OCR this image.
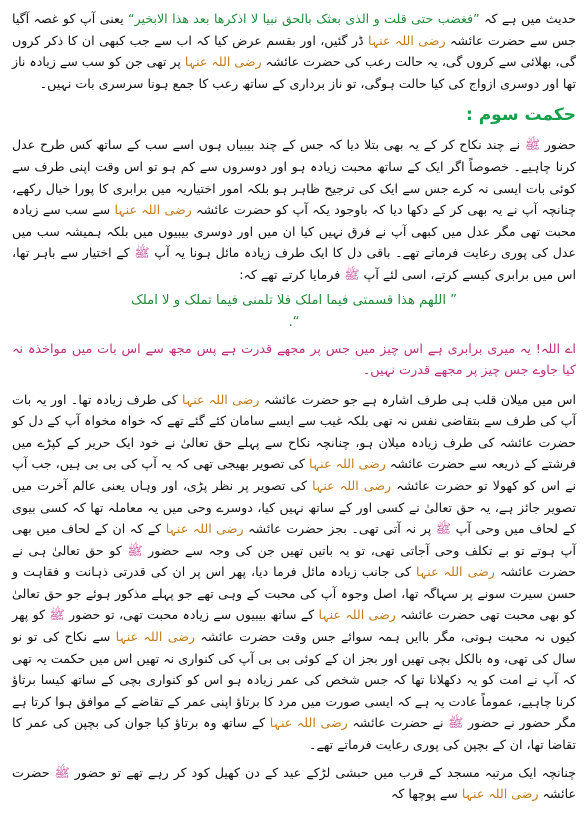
حدیث میں ہے کہ ”فغضب حتی قلت و الذی بعثک بالحق نبیا لا اذکرھا بعد ھذا الابخیر“ یعنی آپ کو غصہ آگیا جس سے حضرت عائشہ رضی اللہ عنہا ڈر گئیں، اور بقسم عرض کیا کہ اب سے جب کبھی ان کا ذکر کروں گی، بھلائی سے کروں گی، یہ حالت رعب کی حضرت عائشہ رضی اللہ عنہا پر تھی جن کو سب سے زیادہ ناز تھا اور دوسری ازواج کی کیا حالت ہوگی، تو ناز برداری کے ساتھ رعب کا جمع ہونا سرسری بات نہیں۔

حکمت سوم :

حضور ﷺ نے چند نکاح کر کے یہ بھی بتلا دیا کہ جس کے چند بیبیاں ہوں اسے سب کے ساتھ کس طرح عدل کرنا چاہیے۔ خصوصاً اگر ایک کے ساتھ محبت زیادہ ہو اور دوسروں سے کم ہو تو اس وقت اپنی طرف سے کوئی بات ایسی نہ کرے جس سے ایک کی ترجیح ظاہر ہو بلکہ امور اختیاریہ میں برابری کا پورا خیال رکھے، چنانچہ آپ نے یہ بھی کر کے دکھا دیا کہ باوجود یکہ آپ کو حضرت عائشہ رضی اللہ عنہا سے سب سے زیادہ محبت تھی مگر عدل میں کبھی آپ نے فرق نہیں کیا ان میں اور دوسری بیبیوں میں بلکہ ہمیشہ سب میں عدل کی پوری رعایت فرماتے تھے۔ باقی دل کا ایک طرف زیادہ مائل ہونا یہ آپ ﷺ کے اختیار سے باہر تھا، اس میں برابری کیسے کرتے، اسی لئے آپ ﷺ فرمایا کرتے تھے کہ:

” اللھم ھذا قسمتی فیما املک فلا تلمنی فیما تملک و لا املک
“.

اے اللہ! یہ میری برابری ہے اس چیز میں جس پر مجھے قدرت ہے پس مجھ سے اس بات میں مواخذہ نہ کیا جاوے جس چیز پر مجھے قدرت نہیں۔

اس میں میلان قلب ہی طرف اشارہ ہے جو حضرت عائشہ رضی اللہ عنہا کی طرف زیادہ تھا۔ اور یہ بات آپ کی طرف سے بتقاضی نفس نہ تھی بلکہ غیب سے ایسے سامان کئے گئے تھے کہ خواہ مخواہ آپ کے دل کو حضرت عائشہ کی طرف زیادہ میلان ہو، چنانچہ نکاح سے پہلے حق تعالیٰ نے خود ایک حریر کے کپڑے میں فرشتے کے ذریعہ سے حضرت عائشہ رضی اللہ عنہا کی تصویر بھیجی تھی کہ یہ آپ کی بی بی ہیں، جب آپ نے اس کو کھولا تو حضرت عائشہ رضی اللہ عنہا کی تصویر پر نظر پڑی، اور وہاں یعنی عالم آخرت میں تصویر جائز ہے، یہ حق تعالیٰ نے کسی اور کے ساتھ نہیں کیا، دوسرے وحی میں یہ معاملہ تھا کہ کسی بیوی کے لحاف میں وحی آپ ﷺ پر نہ آتی تھی۔ بجز حضرت عائشہ رضی اللہ عنہا کے کہ ان کے لحاف میں بھی آپ ہوتے تو بے تکلف وحی آجاتی تھی، تو یہ باتیں تھیں جن کی وجہ سے حضور ﷺ کو حق تعالیٰ ہی نے حضرت عائشہ رضی اللہ عنہا کی جانب زیادہ مائل فرما دیا، پھر اس پر ان کی قدرتی ذہانت و فقاہت و حسن سیرت سونے پر سہاگہ تھا، اصل وجوہ آپ کی محبت کے وہی تھے جو پہلے مذکور ہوئے جو حق تعالیٰ کو بھی محبت تھی حضرت عائشہ رضی اللہ عنہا کے ساتھ بیبیوں سے زیادہ محبت تھی، تو حضور ﷺ کو پھر کیوں نہ محبت ہوتی، مگر باایں ہمہ سوائے جس وقت حضرت عائشہ رضی اللہ عنہا سے نکاح کی تو نو سال کی تھی، وہ بالکل بچی تھیں اور بجز ان کے کوئی بی بی آپ کی کنواری نہ تھیں اس میں حکمت یہ تھی کہ آپ نے امت کو یہ دکھلانا تھا کہ جس شخص کی عمر زیادہ ہو اس کو کنواری بچی کے ساتھ کیسا برتاؤ کرنا چاہیے، عموماً عادت یہ ہے کہ ایسی صورت میں مرد کا برتاؤ اپنی عمر کے تقاضے کے موافق ہوا کرتا ہے مگر حضور نے حضور ﷺ نے حضرت عائشہ رضی اللہ عنہا کے ساتھ وہ برتاؤ کیا جوان کی بچپن کی عمر کا تقاضا تھا، ان کے بچپن کی پوری رعایت فرماتے تھے۔

چنانچہ ایک مرتبہ مسجد کے قرب میں حبشی لڑکے عید کے دن کھیل کود کر رہے تھے تو حضور ﷺ حضرت عائشہ رضی اللہ عنہا سے پوچھا کہ
